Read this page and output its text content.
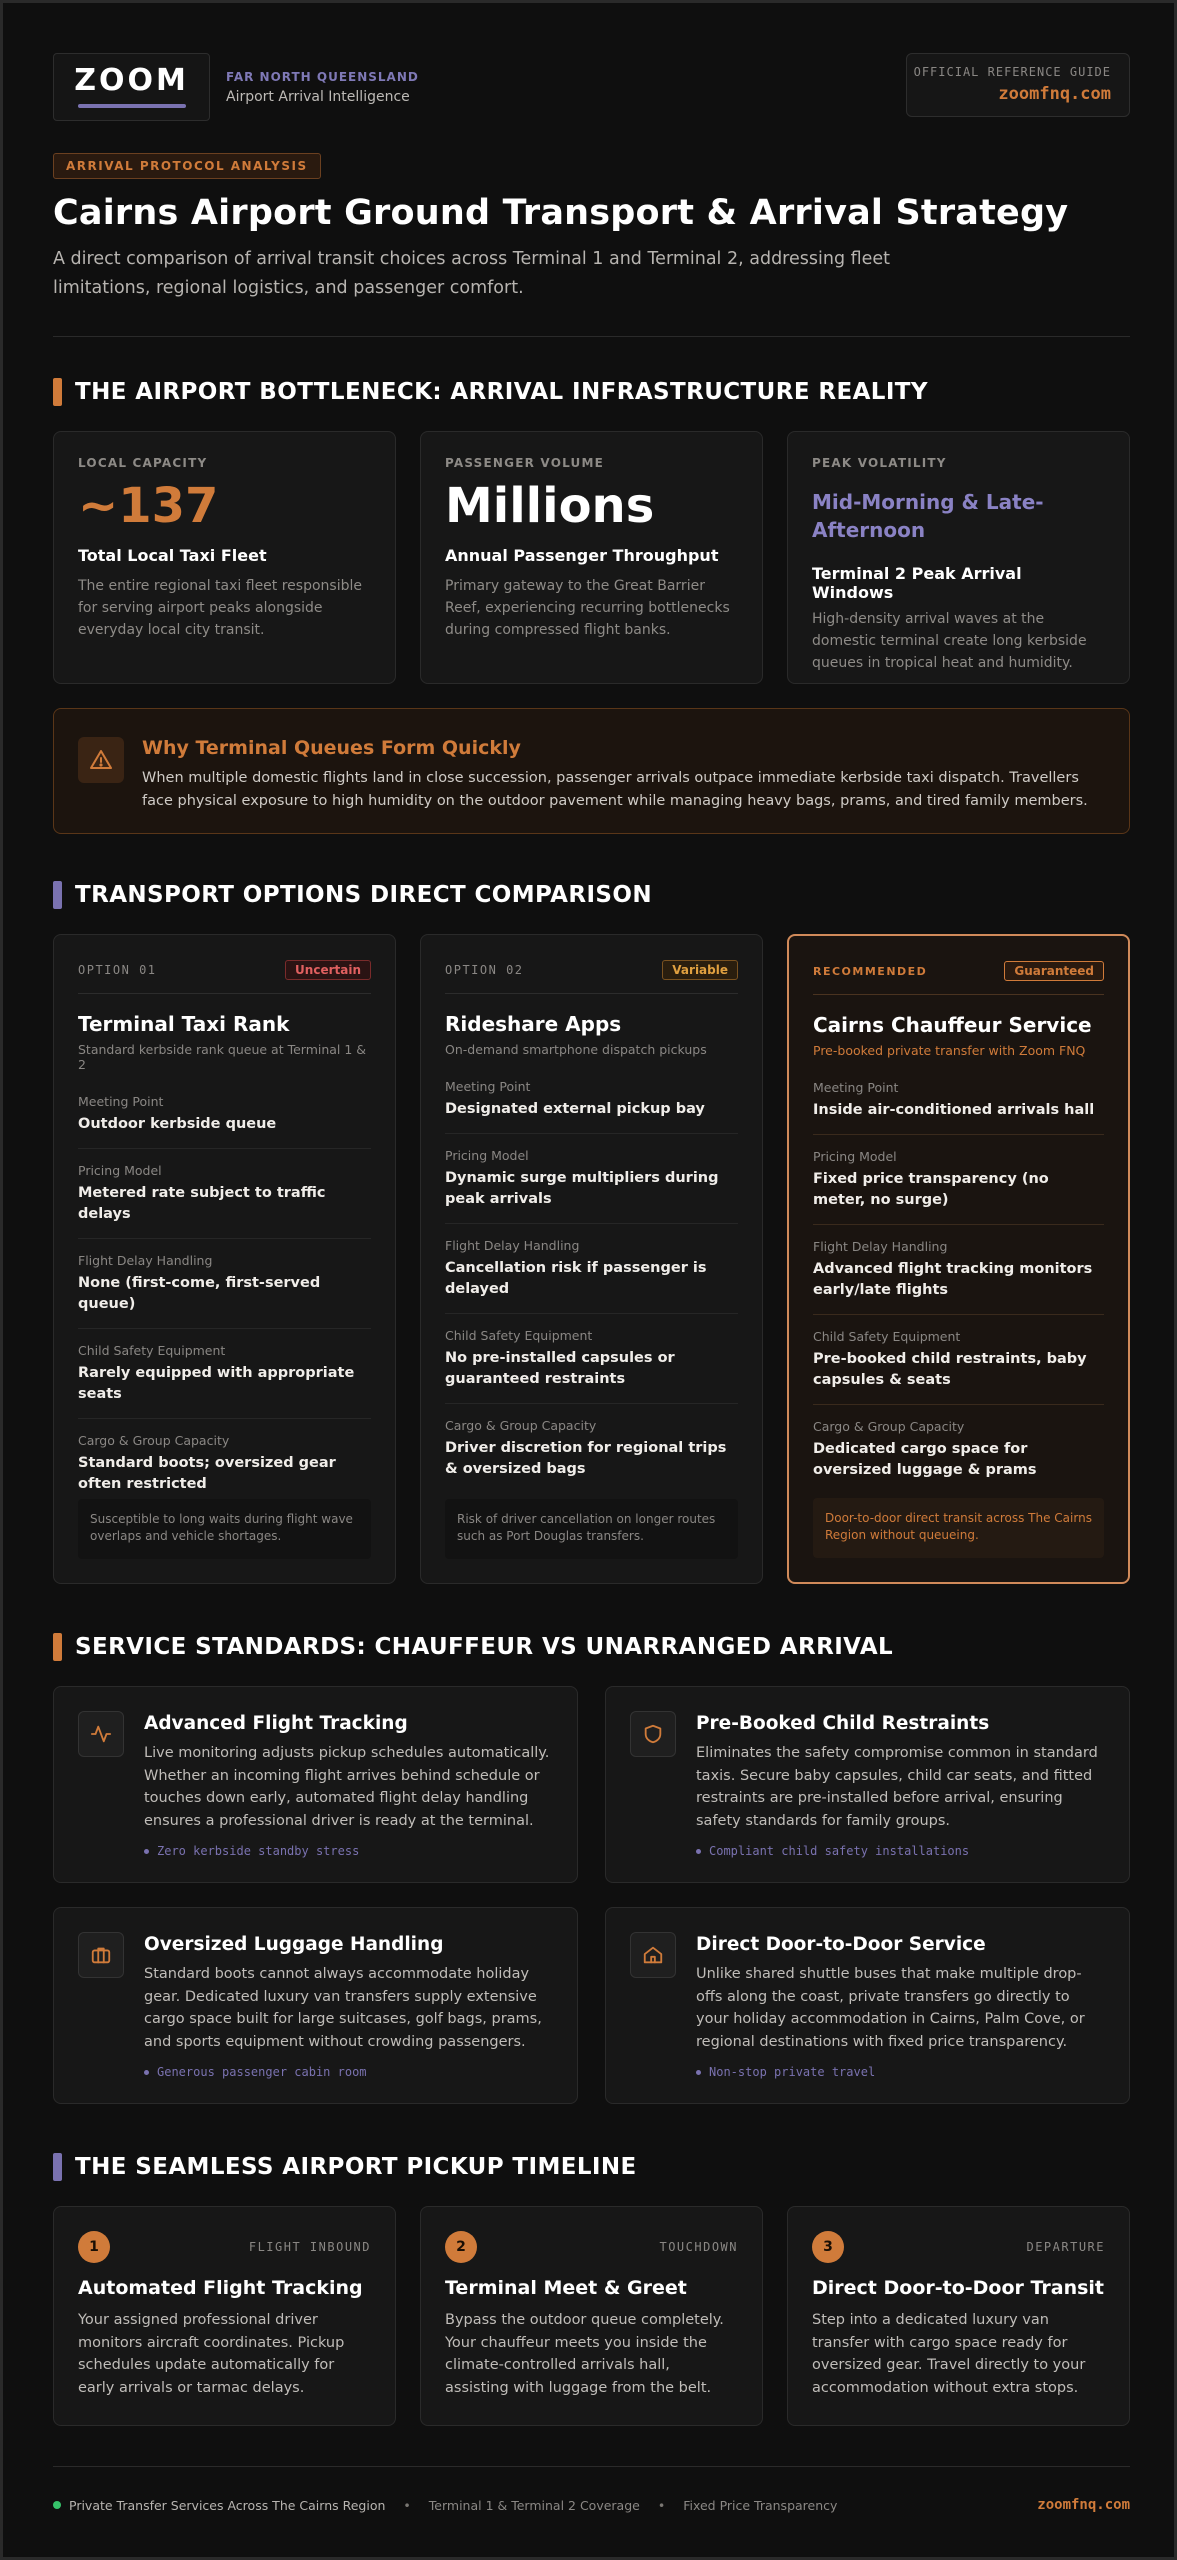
ZOOM	FAR NORTH QUEENSLAND
Airport Arrival Intelligence
OFFICIAL REFERENCE GUIDE
zoomfnq.com
ARRIVAL PROTOCOL ANALYSIS
Cairns Airport Ground Transport & Arrival Strategy
A direct comparison of arrival transit choices across Terminal 1 and Terminal 2, addressing fleet limitations, regional logistics, and passenger comfort.
THE AIRPORT BOTTLENECK: ARRIVAL INFRASTRUCTURE REALITY
LOCAL CAPACITY
~137
Total Local Taxi Fleet
The entire regional taxi fleet responsible for serving airport peaks alongside everyday local city transit.
PASSENGER VOLUME
Millions
Annual Passenger Throughput
Primary gateway to the Great Barrier Reef, experiencing recurring bottlenecks during compressed flight banks.
PEAK VOLATILITY
Mid-Morning & Late-Afternoon
Terminal 2 Peak Arrival Windows
High-density arrival waves at the domestic terminal create long kerbside queues in tropical heat and humidity.
Why Terminal Queues Form Quickly
When multiple domestic flights land in close succession, passenger arrivals outpace immediate kerbside taxi dispatch. Travellers face physical exposure to high humidity on the outdoor pavement while managing heavy bags, prams, and tired family members.
TRANSPORT OPTIONS DIRECT COMPARISON
OPTION 01	Uncertain
Terminal Taxi Rank
Standard kerbside rank queue at Terminal 1 & 2
Meeting Point
Outdoor kerbside queue
Pricing Model
Metered rate subject to traffic delays
Flight Delay Handling
None (first-come, first-served queue)
Child Safety Equipment
Rarely equipped with appropriate seats
Cargo & Group Capacity
Standard boots; oversized gear often restricted
Susceptible to long waits during flight wave overlaps and vehicle shortages.
OPTION 02	Variable
Rideshare Apps
On-demand smartphone dispatch pickups
Meeting Point
Designated external pickup bay
Pricing Model
Dynamic surge multipliers during peak arrivals
Flight Delay Handling
Cancellation risk if passenger is delayed
Child Safety Equipment
No pre-installed capsules or guaranteed restraints
Cargo & Group Capacity
Driver discretion for regional trips & oversized bags
Risk of driver cancellation on longer routes such as Port Douglas transfers.
RECOMMENDED	Guaranteed
Cairns Chauffeur Service
Pre-booked private transfer with Zoom FNQ
Meeting Point
Inside air-conditioned arrivals hall
Pricing Model
Fixed price transparency (no meter, no surge)
Flight Delay Handling
Advanced flight tracking monitors early/late flights
Child Safety Equipment
Pre-booked child restraints, baby capsules & seats
Cargo & Group Capacity
Dedicated cargo space for oversized luggage & prams
Door-to-door direct transit across The Cairns Region without queueing.
SERVICE STANDARDS: CHAUFFEUR VS UNARRANGED ARRIVAL
Advanced Flight Tracking
Live monitoring adjusts pickup schedules automatically. Whether an incoming flight arrives behind schedule or touches down early, automated flight delay handling ensures a professional driver is ready at the terminal.
Zero kerbside standby stress
Pre-Booked Child Restraints
Eliminates the safety compromise common in standard taxis. Secure baby capsules, child car seats, and fitted restraints are pre-installed before arrival, ensuring safety standards for family groups.
Compliant child safety installations
Oversized Luggage Handling
Standard boots cannot always accommodate holiday gear. Dedicated luxury van transfers supply extensive cargo space built for large suitcases, golf bags, prams, and sports equipment without crowding passengers.
Generous passenger cabin room
Direct Door-to-Door Service
Unlike shared shuttle buses that make multiple drop-offs along the coast, private transfers go directly to your holiday accommodation in Cairns, Palm Cove, or regional destinations with fixed price transparency.
Non-stop private travel
THE SEAMLESS AIRPORT PICKUP TIMELINE
1	FLIGHT INBOUND
Automated Flight Tracking
Your assigned professional driver monitors aircraft coordinates. Pickup schedules update automatically for early arrivals or tarmac delays.
2	TOUCHDOWN
Terminal Meet & Greet
Bypass the outdoor queue completely. Your chauffeur meets you inside the climate-controlled arrivals hall, assisting with luggage from the belt.
3	DEPARTURE
Direct Door-to-Door Transit
Step into a dedicated luxury van transfer with cargo space ready for oversized gear. Travel directly to your accommodation without extra stops.
Private Transfer Services Across The Cairns Region • Terminal 1 & Terminal 2 Coverage • Fixed Price Transparency	zoomfnq.com
